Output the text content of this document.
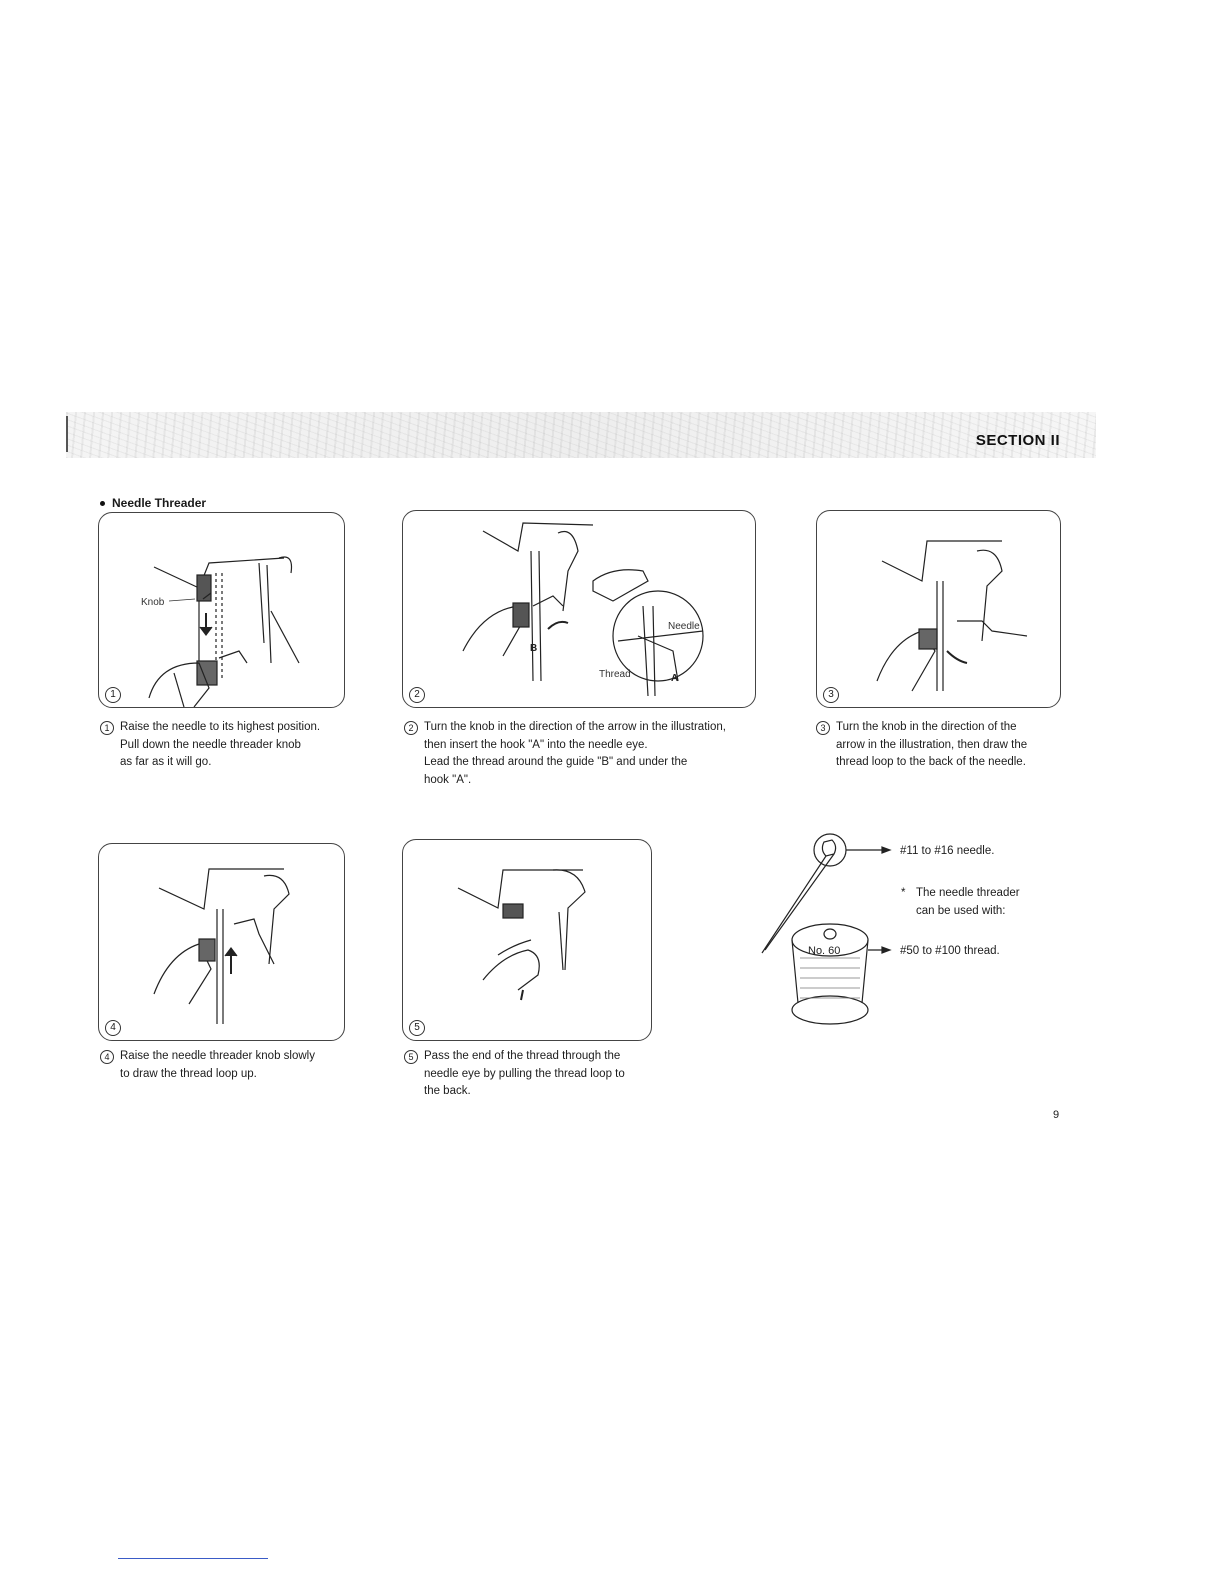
SECTION II
Needle Threader
Knob
1
Needle
Thread	A
B
2	3
4	5
1 Raise the needle to its highest position.
Pull down the needle threader knob
as far as it will go.
2 Turn the knob in the direction of the arrow in the illustration,
then insert the hook "A" into the needle eye.
Lead the thread around the guide "B" and under the
hook "A".
3 Turn the knob in the direction of the
arrow in the illustration, then draw the
thread loop to the back of the needle.
4 Raise the needle threader knob slowly
to draw the thread loop up.
5 Pass the end of the thread through the
needle eye by pulling the thread loop to
the back.
No. 60
#11 to #16 needle.
* The needle threader
can be used with:
#50 to #100 thread.
9
